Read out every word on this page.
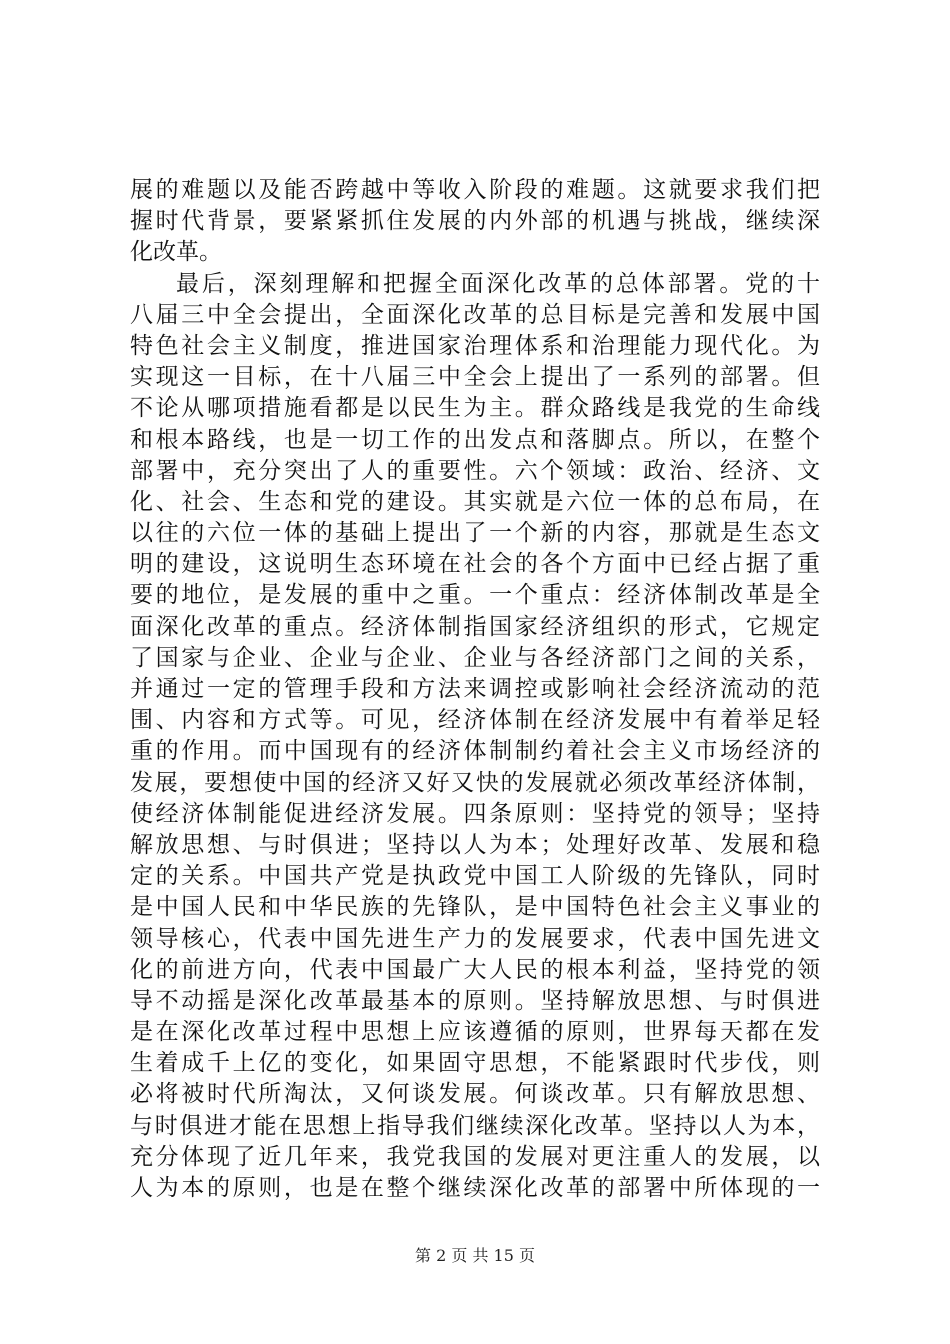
展的难题以及能否跨越中等收入阶段的难题。这就要求我们把
握时代背景，要紧紧抓住发展的内外部的机遇与挑战，继续深
化改革。
最后，深刻理解和把握全面深化改革的总体部署。党的十
八届三中全会提出，全面深化改革的总目标是完善和发展中国
特色社会主义制度，推进国家治理体系和治理能力现代化。为
实现这一目标，在十八届三中全会上提出了一系列的部署。但
不论从哪项措施看都是以民生为主。群众路线是我党的生命线
和根本路线，也是一切工作的出发点和落脚点。所以，在整个
部署中，充分突出了人的重要性。六个领域：政治、经济、文
化、社会、生态和党的建设。其实就是六位一体的总布局，在
以往的六位一体的基础上提出了一个新的内容，那就是生态文
明的建设，这说明生态环境在社会的各个方面中已经占据了重
要的地位，是发展的重中之重。一个重点：经济体制改革是全
面深化改革的重点。经济体制指国家经济组织的形式，它规定
了国家与企业、企业与企业、企业与各经济部门之间的关系，
并通过一定的管理手段和方法来调控或影响社会经济流动的范
围、内容和方式等。可见，经济体制在经济发展中有着举足轻
重的作用。而中国现有的经济体制制约着社会主义市场经济的
发展，要想使中国的经济又好又快的发展就必须改革经济体制，
使经济体制能促进经济发展。四条原则：坚持党的领导；坚持
解放思想、与时俱进；坚持以人为本；处理好改革、发展和稳
定的关系。中国共产党是执政党中国工人阶级的先锋队，同时
是中国人民和中华民族的先锋队，是中国特色社会主义事业的
领导核心，代表中国先进生产力的发展要求，代表中国先进文
化的前进方向，代表中国最广大人民的根本利益，坚持党的领
导不动摇是深化改革最基本的原则。坚持解放思想、与时俱进
是在深化改革过程中思想上应该遵循的原则，世界每天都在发
生着成千上亿的变化，如果固守思想，不能紧跟时代步伐，则
必将被时代所淘汰，又何谈发展。何谈改革。只有解放思想、
与时俱进才能在思想上指导我们继续深化改革。坚持以人为本，
充分体现了近几年来，我党我国的发展对更注重人的发展，以
人为本的原则，也是在整个继续深化改革的部署中所体现的一
第 2 页 共 15 页
